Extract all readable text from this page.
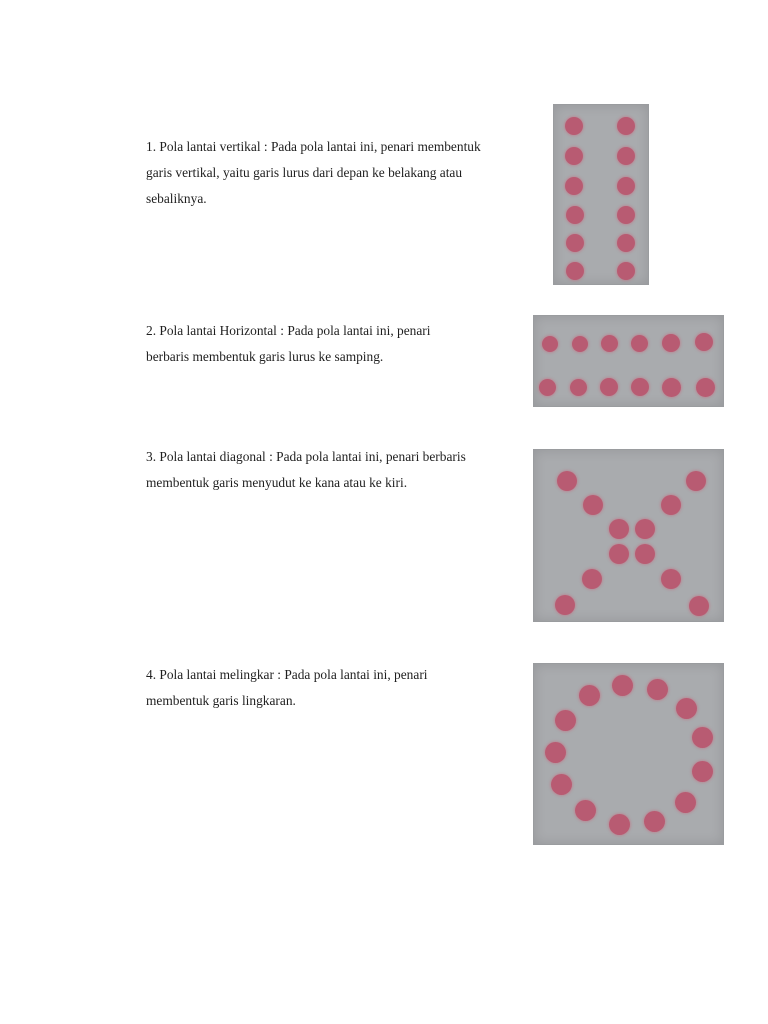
1. Pola lantai vertikal : Pada pola lantai ini, penari membentuk
garis vertikal, yaitu garis lurus dari depan ke belakang atau
sebaliknya.
2. Pola lantai Horizontal : Pada pola lantai ini, penari
berbaris membentuk garis lurus ke samping.
3. Pola lantai diagonal : Pada pola lantai ini, penari berbaris
membentuk garis menyudut ke kana atau ke kiri.
4. Pola lantai melingkar : Pada pola lantai ini, penari
membentuk garis lingkaran.
